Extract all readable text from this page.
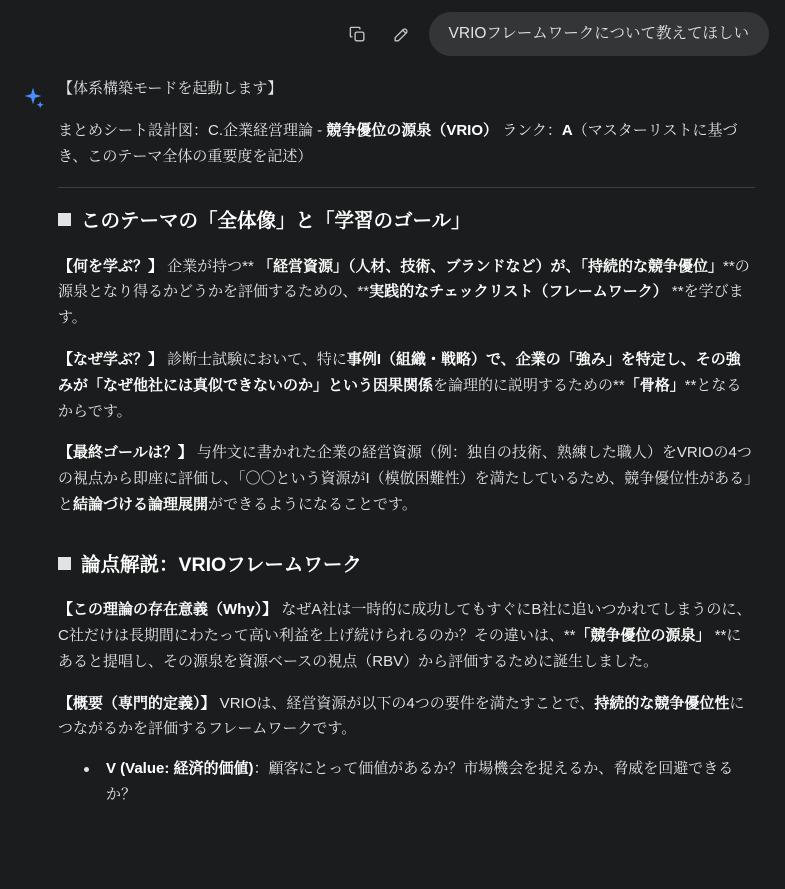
VRIOフレームワークについて教えてほしい

【体系構築モードを起動します】

まとめシート設計図：C.企業経営理論 - 競争優位の源泉（VRIO） ランク：A（マスターリストに基づき、このテーマ全体の重要度を記述）

このテーマの「全体像」と「学習のゴール」

【何を学ぶ？】 企業が持つ** 「経営資源」（人材、技術、ブランドなど）が、「持続的な競争優位」**の源泉となり得るかどうかを評価するための、**実践的なチェックリスト（フレームワーク） **を学びます。

【なぜ学ぶ？】 診断士試験において、特に事例I（組織・戦略）で、企業の「強み」を特定し、その強みが「なぜ他社には真似できないのか」という因果関係を論理的に説明するための**「骨格」**となるからです。

【最終ゴールは？】 与件文に書かれた企業の経営資源（例：独自の技術、熟練した職人）をVRIOの4つの視点から即座に評価し、「〇〇という資源がI（模倣困難性）を満たしているため、競争優位性がある」と結論づける論理展開ができるようになることです。

論点解説：VRIOフレームワーク

【この理論の存在意義（Why）】 なぜA社は一時的に成功してもすぐにB社に追いつかれてしまうのに、C社だけは長期間にわたって高い利益を上げ続けられるのか？その違いは、**「競争優位の源泉」 **にあると提唱し、その源泉を資源ベースの視点（RBV）から評価するために誕生しました。

【概要（専門的定義）】 VRIOは、経営資源が以下の4つの要件を満たすことで、持続的な競争優位性につながるかを評価するフレームワークです。

V (Value: 経済的価値)：顧客にとって価値があるか？市場機会を捉えるか、脅威を回避できるか？
